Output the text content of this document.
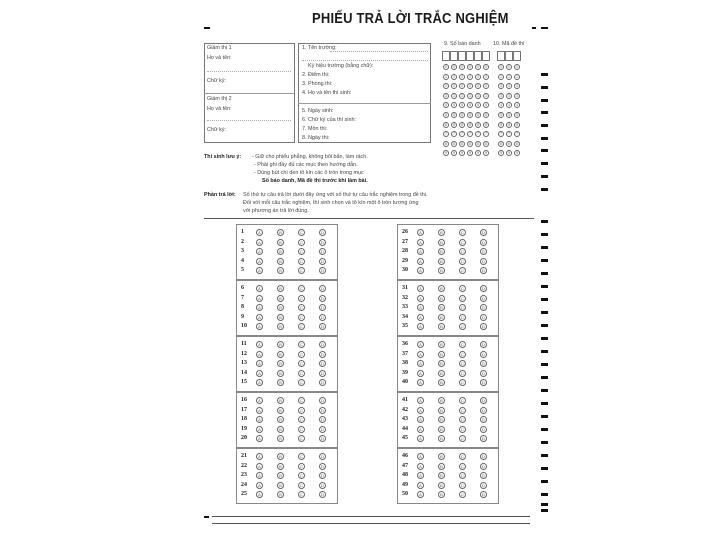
PHIẾU TRẢ LỜI TRẮC NGHIỆM
Giám thị 1
Họ và tên:
Chữ ký:
Giám thị 2
Họ và tên:
Chữ ký:
1. Tên trường:
Ký hiệu trường (bằng chữ):
2. Điểm thi:
3. Phòng thi:
4. Họ và tên thí sinh:
5. Ngày sinh:
6. Chữ ký của thí sinh:
7. Môn thi:
8. Ngày thi:
9. Số báo danh 10. Mã đề thi
0	0	0	0	0	0	0	0	0
1	1	1	1	1	1	1	1	1
2	2	2	2	2	2	2	2	2
3	3	3	3	3	3	3	3	3
4	4	4	4	4	4	4	4	4
5	5	5	5	5	5	5	5	5
6	6	6	6	6	6	6	6	6
7	7	7	7	7	7	7	7	7
8	8	8	8	8	8	8	8	8
9	9	9	9	9	9	9	9	9
Thí sinh lưu ý: - Giữ cho phiếu phẳng, không bôi bẩn, làm rách.
- Phải ghi đầy đủ các mục theo hướng dẫn.
- Dùng bút chì đen tô kín các ô tròn trong mục
Số báo danh, Mã đề thi trước khi làm bài.
Phần trả lời: Số thứ tự câu trả lời dưới đây ứng với số thứ tự câu trắc nghiệm trong đề thi.
Đối với mỗi câu trắc nghiệm, thí sinh chọn và tô kín một ô tròn tương ứng
với phương án trả lời đúng.
1	A	B	C	D
2	A	B	C	D
3	A	B	C	D
4	A	B	C	D
5	A	B	C	D
26	A	B	C	D
27	A	B	C	D
28	A	B	C	D
29	A	B	C	D
30	A	B	C	D
6	A	B	C	D
7	A	B	C	D
8	A	B	C	D
9	A	B	C	D
10	A	B	C	D
31	A	B	C	D
32	A	B	C	D
33	A	B	C	D
34	A	B	C	D
35	A	B	C	D
11	A	B	C	D
12	A	B	C	D
13	A	B	C	D
14	A	B	C	D
15	A	B	C	D
36	A	B	C	D
37	A	B	C	D
38	A	B	C	D
39	A	B	C	D
40	A	B	C	D
16	A	B	C	D
17	A	B	C	D
18	A	B	C	D
19	A	B	C	D
20	A	B	C	D
41	A	B	C	D
42	A	B	C	D
43	A	B	C	D
44	A	B	C	D
45	A	B	C	D
21	A	B	C	D
22	A	B	C	D
23	A	B	C	D
24	A	B	C	D
25	A	B	C	D
46	A	B	C	D
47	A	B	C	D
48	A	B	C	D
49	A	B	C	D
50	A	B	C	D
